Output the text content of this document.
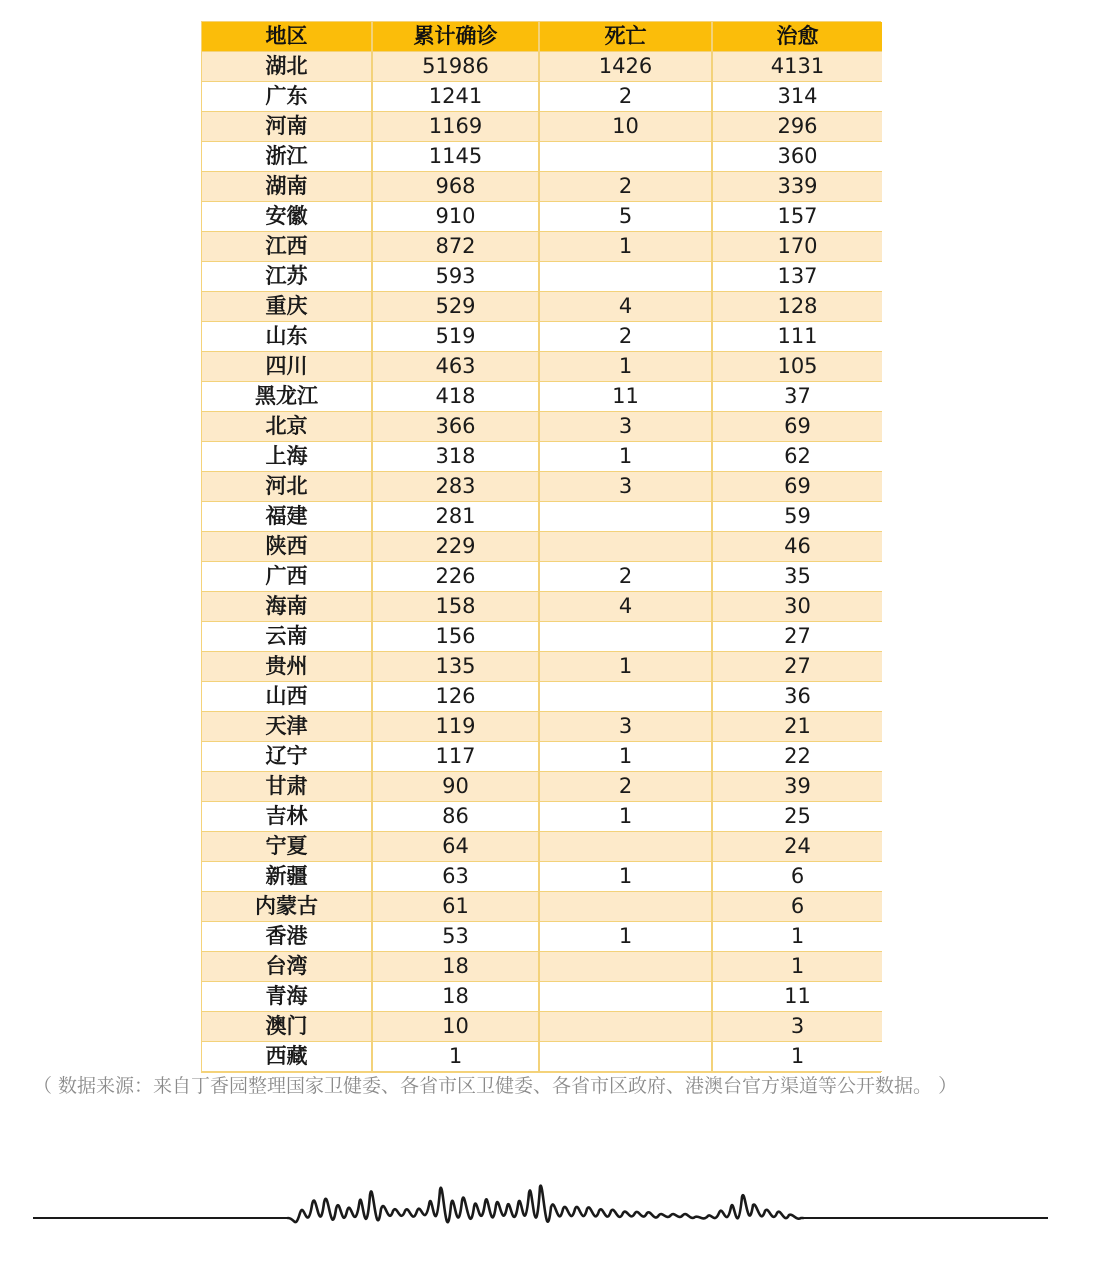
地区	累计确诊	死亡	治愈
湖北	51986	1426	4131
广东	1241	2	314
河南	1169	10	296
浙江	1145		360
湖南	968	2	339
安徽	910	5	157
江西	872	1	170
江苏	593		137
重庆	529	4	128
山东	519	2	111
四川	463	1	105
黑龙江	418	11	37
北京	366	3	69
上海	318	1	62
河北	283	3	69
福建	281		59
陕西	229		46
广西	226	2	35
海南	158	4	30
云南	156		27
贵州	135	1	27
山西	126		36
天津	119	3	21
辽宁	117	1	22
甘肃	90	2	39
吉林	86	1	25
宁夏	64		24
新疆	63	1	6
内蒙古	61		6
香港	53	1	1
台湾	18		1
青海	18		11
澳门	10		3
西藏	1		1

（ 数据来源：来自丁香园整理国家卫健委、各省市区卫健委、各省市区政府、港澳台官方渠道等公开数据。 ）
